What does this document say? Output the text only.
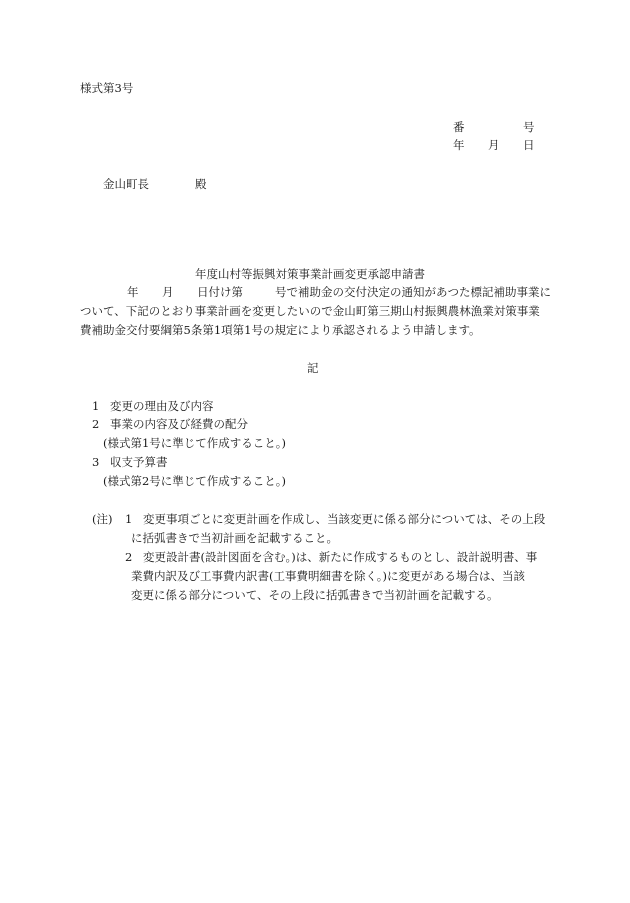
様式第3号
番	号
年 月 日
金山町長	殿
年度山村等振興対策事業計画変更承認申請書
年 月 日付け第	号で補助金の交付決定の通知があつた標記補助事業に
ついて、下記のとおり事業計画を変更したいので金山町第三期山村振興農林漁業対策事業
費補助金交付要綱第5条第1項第1号の規定により承認されるよう申請します。
記
1 変更の理由及び内容
2 事業の内容及び経費の配分
(様式第1号に準じて作成すること。)
3 収支予算書
(様式第2号に準じて作成すること。)
(注) 1 変更事項ごとに変更計画を作成し、当該変更に係る部分については、その上段
に括弧書きで当初計画を記載すること。
2 変更設計書(設計図面を含む。)は、新たに作成するものとし、設計説明書、事
業費内訳及び工事費内訳書(工事費明細書を除く。)に変更がある場合は、当該
変更に係る部分について、その上段に括弧書きで当初計画を記載する。
